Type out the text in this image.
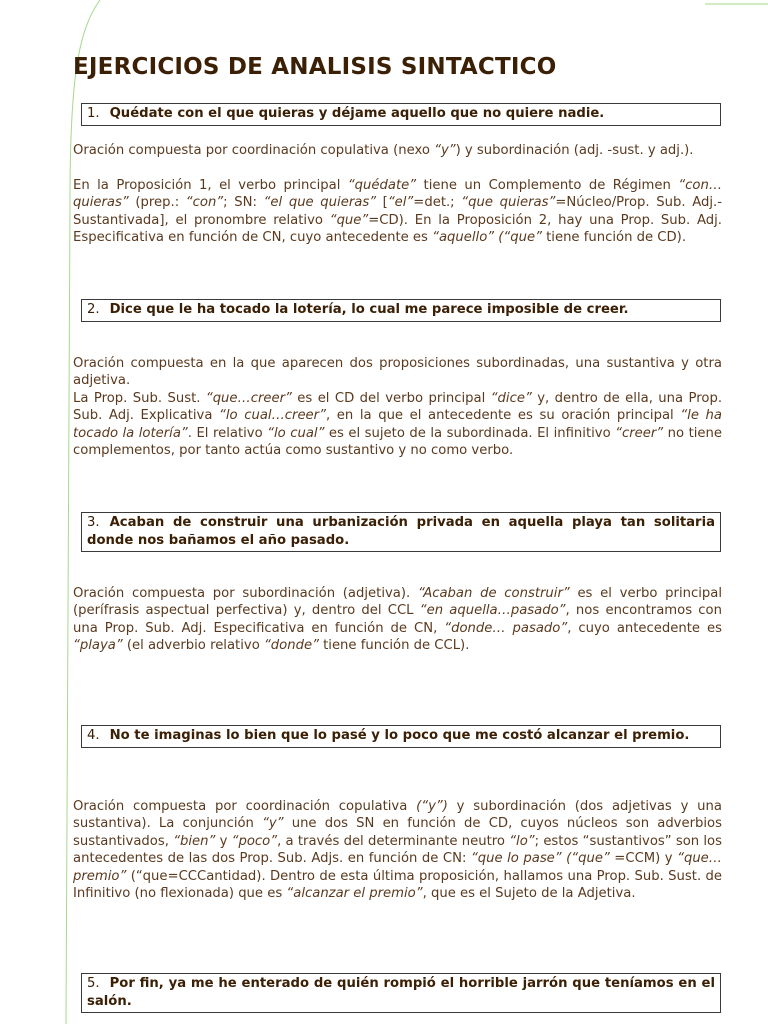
EJERCICIOS DE ANALISIS SINTACTICO
1. Quédate con el que quieras y déjame aquello que no quiere nadie.
Oración compuesta por coordinación copulativa (nexo “y”) y subordinación (adj. -sust. y adj.).
En la Proposición 1, el verbo principal “quédate” tiene un Complemento de Régimen “con…quieras” (prep.: “con”; SN: “el que quieras” [“el”=det.; “que quieras”=Núcleo/Prop. Sub. Adj.-Sustantivada], el pronombre relativo “que”=CD). En la Proposición 2, hay una Prop. Sub. Adj. Especificativa en función de CN, cuyo antecedente es “aquello” (“que” tiene función de CD).
2. Dice que le ha tocado la lotería, lo cual me parece imposible de creer.
Oración compuesta en la que aparecen dos proposiciones subordinadas, una sustantiva y otra adjetiva.
La Prop. Sub. Sust. “que…creer” es el CD del verbo principal “dice” y, dentro de ella, una Prop. Sub. Adj. Explicativa “lo cual…creer”, en la que el antecedente es su oración principal “le ha tocado la lotería”. El relativo “lo cual” es el sujeto de la subordinada. El infinitivo “creer” no tiene complementos, por tanto actúa como sustantivo y no como verbo.
3. Acaban de construir una urbanización privada en aquella playa tan solitaria donde nos bañamos el año pasado.
Oración compuesta por subordinación (adjetiva). “Acaban de construir” es el verbo principal (perífrasis aspectual perfectiva) y, dentro del CCL “en aquella…pasado”, nos encontramos con una Prop. Sub. Adj. Especificativa en función de CN, “donde… pasado”, cuyo antecedente es “playa” (el adverbio relativo “donde” tiene función de CCL).
4. No te imaginas lo bien que lo pasé y lo poco que me costó alcanzar el premio.
Oración compuesta por coordinación copulativa (“y”) y subordinación (dos adjetivas y una sustantiva). La conjunción “y” une dos SN en función de CD, cuyos núcleos son adverbios sustantivados, “bien” y “poco”, a través del determinante neutro “lo”; estos “sustantivos” son los antecedentes de las dos Prop. Sub. Adjs. en función de CN: “que lo pase” (“que” =CCM) y “que…premio” (“que=CCCantidad). Dentro de esta última proposición, hallamos una Prop. Sub. Sust. de Infinitivo (no flexionada) que es “alcanzar el premio”, que es el Sujeto de la Adjetiva.
5. Por fin, ya me he enterado de quién rompió el horrible jarrón que teníamos en el salón.
